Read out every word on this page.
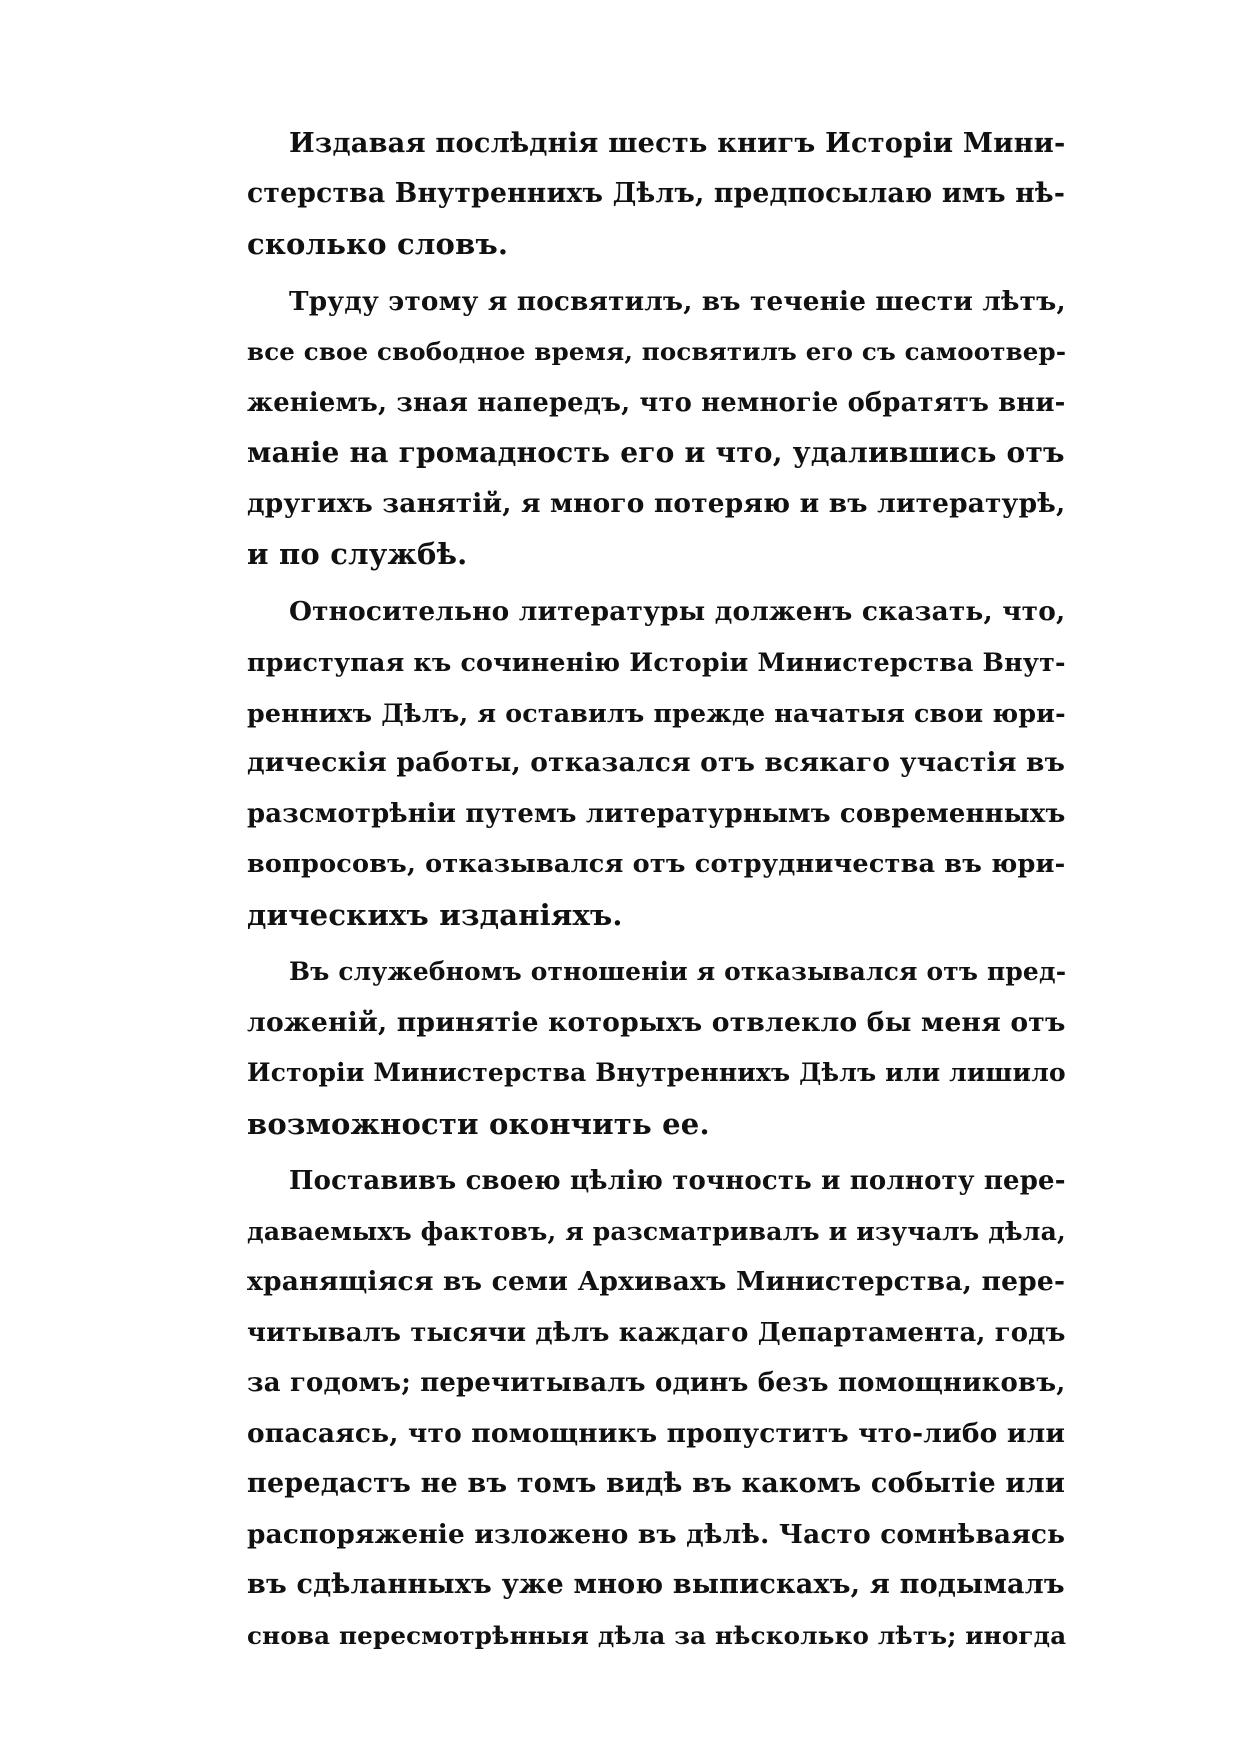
Издавая послѣднія шесть книгъ Исторіи Мини-
стерства Внутреннихъ Дѣлъ, предпосылаю имъ нѣ-
сколько словъ.
Труду этому я посвятилъ, въ теченіе шести лѣтъ,
все свое свободное время, посвятилъ его съ самоотвер-
женіемъ, зная напередъ, что немногіе обратятъ вни-
маніе на громадность его и что, удалившись отъ
другихъ занятій, я много потеряю и въ литературѣ,
и по службѣ.
Относительно литературы долженъ сказать, что,
приступая къ сочиненію Исторіи Министерства Внут-
реннихъ Дѣлъ, я оставилъ прежде начатыя свои юри-
дическія работы, отказался отъ всякаго участія въ
разсмотрѣніи путемъ литературнымъ современныхъ
вопросовъ, отказывался отъ сотрудничества въ юри-
дическихъ изданіяхъ.
Въ служебномъ отношеніи я отказывался отъ пред-
ложеній, принятіе которыхъ отвлекло бы меня отъ
Исторіи Министерства Внутреннихъ Дѣлъ или лишило
возможности окончить ее.
Поставивъ своею цѣлію точность и полноту пере-
даваемыхъ фактовъ, я разсматривалъ и изучалъ дѣла,
хранящіяся въ семи Архивахъ Министерства, пере-
читывалъ тысячи дѣлъ каждаго Департамента, годъ
за годомъ; перечитывалъ одинъ безъ помощниковъ,
опасаясь, что помощникъ пропуститъ что-либо или
передастъ не въ томъ видѣ въ какомъ событіе или
распоряженіе изложено въ дѣлѣ. Часто сомнѣваясь
въ сдѣланныхъ уже мною выпискахъ, я подымалъ
снова пересмотрѣнныя дѣла за нѣсколько лѣтъ; иногда
